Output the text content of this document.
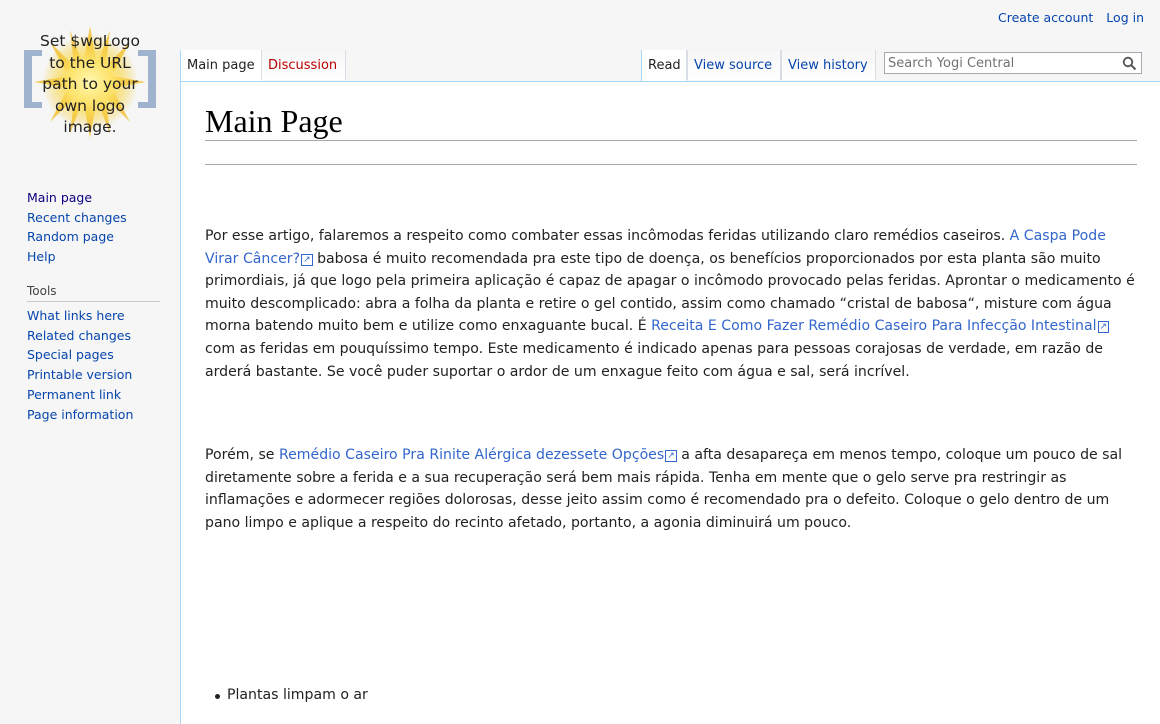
Create account Log in
Set $wgLogo to the URL path to your own logo image.
Main page
Recent changes
Random page
Help
Tools
What links here
Related changes
Special pages
Printable version
Permanent link
Page information
Main page	Discussion	Read	View source	View history
Search Yogi Central
Main Page

Por esse artigo, falaremos a respeito como combater essas incômodas feridas utilizando claro remédios caseiros. A Caspa Pode Virar Câncer? ↗ babosa é muito recomendada pra este tipo de doença, os benefícios proporcionados por esta planta são muito primordiais, já que logo pela primeira aplicação é capaz de apagar o incômodo provocado pelas feridas. Aprontar o medicamento é muito descomplicado: abra a folha da planta e retire o gel contido, assim como chamado “cristal de babosa“, misture com água morna batendo muito bem e utilize como enxaguante bucal. É Receita E Como Fazer Remédio Caseiro Para Infecção Intestinal ↗ com as feridas em pouquíssimo tempo. Este medicamento é indicado apenas para pessoas corajosas de verdade, em razão de arderá bastante. Se você puder suportar o ardor de um enxague feito com água e sal, será incrível.

Porém, se Remédio Caseiro Pra Rinite Alérgica dezessete Opções ↗ a afta desapareça em menos tempo, coloque um pouco de sal diretamente sobre a ferida e a sua recuperação será bem mais rápida. Tenha em mente que o gelo serve pra restringir as inflamações e adormecer regiões dolorosas, desse jeito assim como é recomendado pra o defeito. Coloque o gelo dentro de um pano limpo e aplique a respeito do recinto afetado, portanto, a agonia diminuirá um pouco.

Plantas limpam o ar
